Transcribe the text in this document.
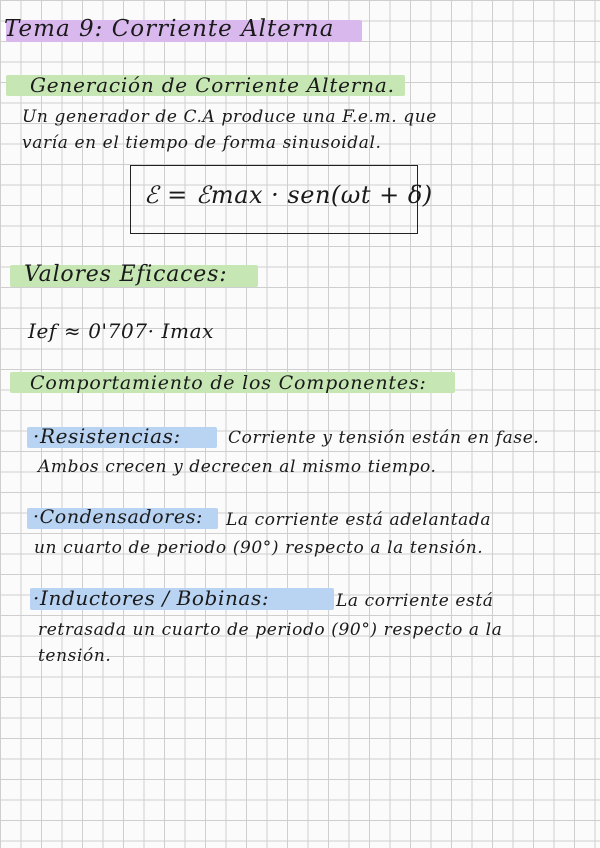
Tema 9: Corriente Alterna
Generación de Corriente Alterna.
Un generador de C.A produce una F.e.m. que
varía en el tiempo de forma sinusoidal.
ℰ = ℰmax · sen(ωt + δ)
Valores Eficaces:
Ief ≈ 0'707· Imax
Comportamiento de los Componentes:
·Resistencias:	Corriente y tensión están en fase.
Ambos crecen y decrecen al mismo tiempo.
·Condensadores: La corriente está adelantada
un cuarto de periodo (90°) respecto a la tensión.
·Inductores / Bobinas:	La corriente está
retrasada un cuarto de periodo (90°) respecto a la
tensión.
